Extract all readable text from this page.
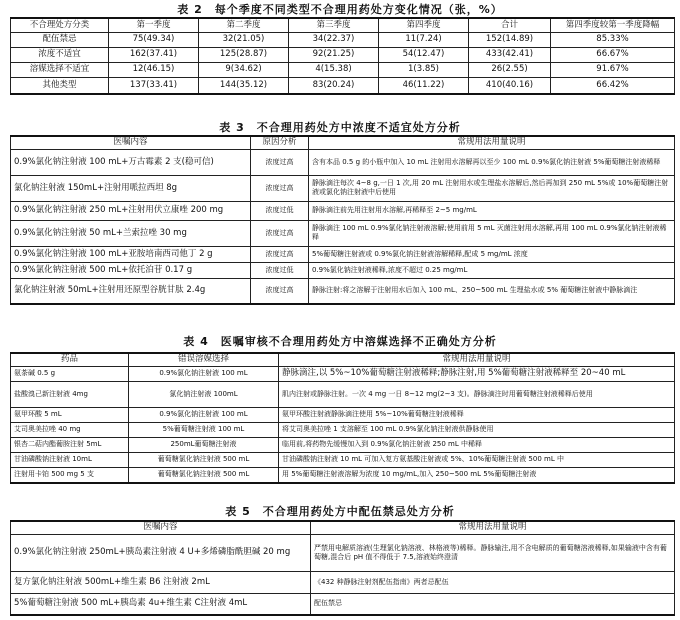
表 2　每个季度不同类型不合理用药处方变化情况（张，%）
不合理处方分类	第一季度	第二季度	第三季度	第四季度	合计	第四季度较第一季度降幅
配伍禁忌	75(49.34)	32(21.05)	34(22.37)	11(7.24)	152(14.89)	85.33%
浓度不适宜	162(37.41)	125(28.87)	92(21.25)	54(12.47)	433(42.41)	66.67%
溶媒选择不适宜	12(46.15)	9(34.62)	4(15.38)	1(3.85)	26(2.55)	91.67%
其他类型	137(33.41)	144(35.12)	83(20.24)	46(11.22)	410(40.16)	66.42%
表 3　不合理用药处方中浓度不适宜处方分析
医嘱内容	原因分析	常规用法用量说明
0.9%氯化钠注射液 100 mL+万古霉素 2 支(稳可信)	浓度过高	含有本品 0.5 g 的小瓶中加入 10 mL 注射用水溶解再以至少 100 mL 0.9%氯化钠注射液 5%葡萄糖注射液稀释
氯化钠注射液 150mL+注射用哌拉西坦 8g	浓度过高	静脉滴注每次 4~8 g,一日 1 次,用 20 mL 注射用水或生理盐水溶解后,然后再加到 250 mL 5%或 10%葡萄糖注射液或氯化钠注射液中后使用
0.9%氯化钠注射液 250 mL+注射用伏立康唑 200 mg	浓度过低	静脉滴注前先用注射用水溶解,再稀释至 2~5 mg/mL
0.9%氯化钠注射液 50 mL+兰索拉唑 30 mg	浓度过高	静脉滴注 100 mL 0.9%氯化钠注射液溶解;使用前用 5 mL 灭菌注射用水溶解,再用 100 mL 0.9%氯化钠注射液稀释
0.9%氯化钠注射液 100 mL+亚胺培南西司他丁 2 g	浓度过高	5%葡萄糖注射液或 0.9%氯化钠注射液溶解稀释,配成 5 mg/mL 浓度
0.9%氯化钠注射液 500 mL+依托泊苷 0.17 g	浓度过低	0.9%氯化钠注射液稀释,浓度不超过 0.25 mg/mL
氯化钠注射液 50mL+注射用还原型谷胱甘肽 2.4g	浓度过高	静脉注射:将之溶解于注射用水后加入 100 mL、250~500 mL 生理盐水或 5% 葡萄糖注射液中静脉滴注
表 4　医嘱审核不合理用药处方中溶媒选择不正确处方分析
药品	错误溶媒选择	常规用法用量说明
氨茶碱 0.5 g	0.9%氯化钠注射液 100 mL	静脉滴注,以 5%~10%葡萄糖注射液稀释;静脉注射,用 5%葡萄糖注射液稀释至 20~40 mL
盐酸溴己新注射液 4mg	氯化钠注射液 100mL	肌内注射或静脉注射。一次 4 mg 一日 8~12 mg(2~3 支)。静脉滴注时用葡萄糖注射液稀释后使用
氨甲环酸 5 mL	0.9%氯化钠注射液 100 mL	氨甲环酸注射液静脉滴注使用 5%~10%葡萄糖注射液稀释
艾司奥美拉唑 40 mg	5%葡萄糖注射液 100 mL	将艾司奥美拉唑 1 支溶解至 100 mL 0.9%氯化钠注射液供静脉使用
银杏二萜内酯葡胺注射 5mL	250mL葡萄糖注射液	临用前,将药物先缓慢加入到 0.9%氯化钠注射液 250 mL 中稀释
甘油磷酸钠注射液 10mL	葡萄糖氯化钠注射液 500 mL	甘油磷酸钠注射液 10 mL 可加入复方氨基酸注射液或 5%、10%葡萄糖注射液 500 mL 中
注射用卡铂 500 mg 5 支	葡萄糖氯化钠注射液 500 mL	用 5%葡萄糖注射液溶解为浓度 10 mg/mL,加入 250~500 mL 5%葡萄糖注射液
表 5　不合理用药处方中配伍禁忌处方分析
医嘱内容	常规用法用量说明
0.9%氯化钠注射液 250mL+胰岛素注射液 4 U+多烯磷脂酰胆碱 20 mg	严禁用电解质溶液(生理氯化钠溶液、林格液等)稀释。静脉输注,用不含电解质的葡萄糖溶液稀释,如果输液中含有葡萄糖,混合后 pH 值不得低于 7.5,溶液始终澄清
复方氯化钠注射液 500mL+维生素 B6 注射液 2mL	《432 种静脉注射剂配伍指南》两者忌配伍
5%葡萄糖注射液 500 mL+胰岛素 4u+维生素 C注射液 4mL	配伍禁忌
